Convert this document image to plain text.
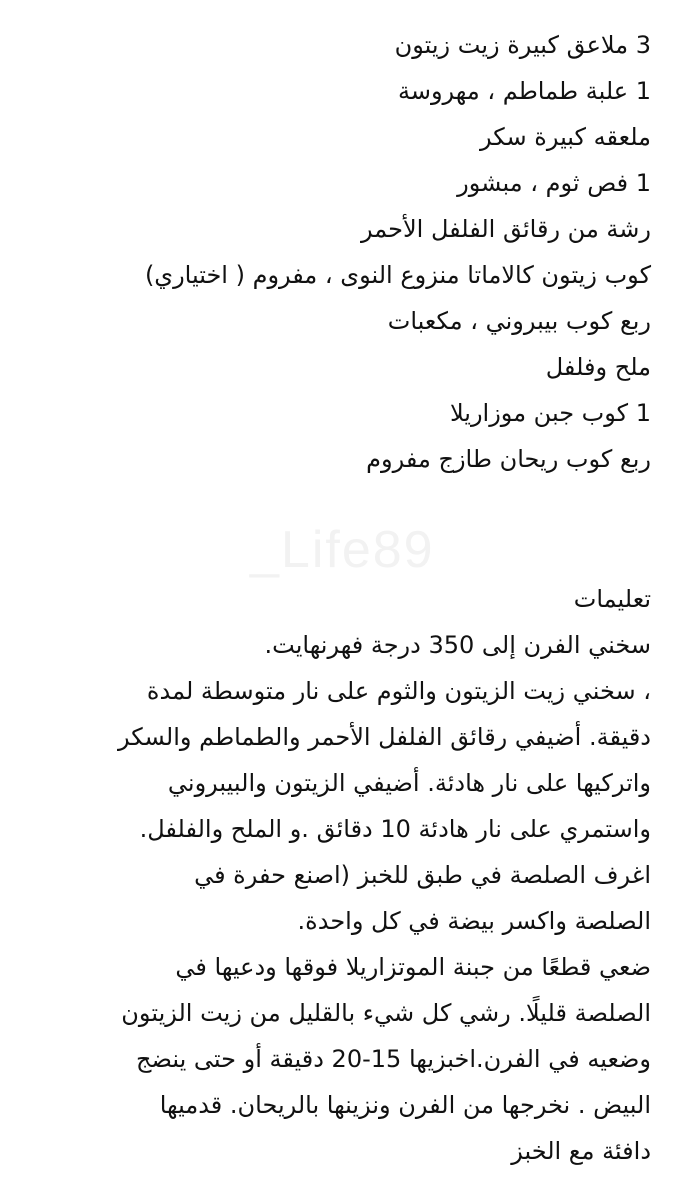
3 ملاعق كبيرة زيت زيتون
1 علبة طماطم ، مهروسة
ملعقه كبيرة سكر
1 فص ثوم ، مبشور
رشة من رقائق الفلفل الأحمر
كوب زيتون كالاماتا منزوع النوى ، مفروم ( اختياري)
ربع كوب بيبروني ، مكعبات
ملح وفلفل
1 كوب جبن موزاريلا
ربع كوب ريحان طازج مفروم
_Life89
تعليمات
سخني الفرن إلى 350 درجة فهرنهايت.
، سخني زيت الزيتون والثوم على نار متوسطة لمدة
دقيقة. أضيفي رقائق الفلفل الأحمر والطماطم والسكر
واتركيها على نار هادئة. أضيفي الزيتون والبيبروني
واستمري على نار هادئة 10 دقائق .و الملح والفلفل.
اغرف الصلصة في طبق للخبز (اصنع حفرة في
الصلصة واكسر بيضة في كل واحدة.
ضعي قطعًا من جبنة الموتزاريلا فوقها ودعيها في
الصلصة قليلًا. رشي كل شيء بالقليل من زيت الزيتون
وضعيه في الفرن.اخبزيها 15-20 دقيقة أو حتى ينضج
البيض . نخرجها من الفرن ونزينها بالريحان. قدميها
دافئة مع الخبز
